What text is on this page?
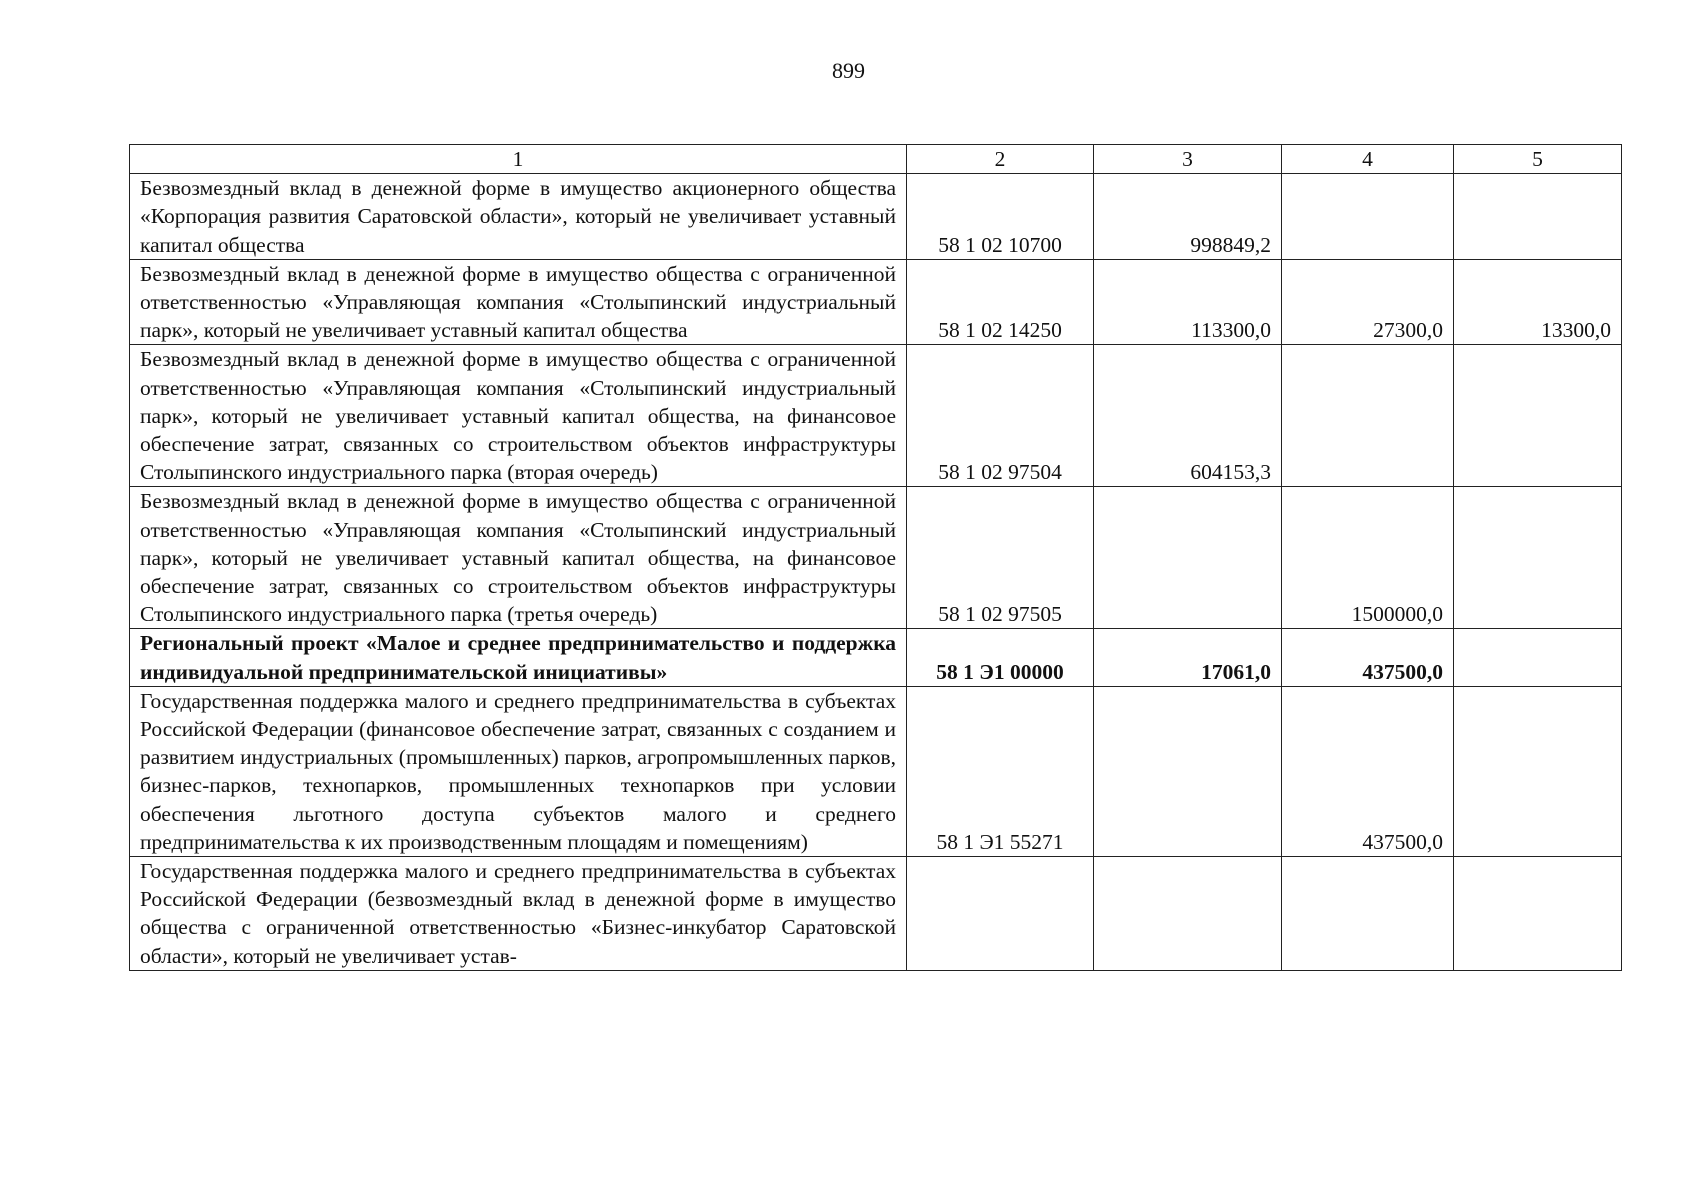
899
1	2	3	4	5
Безвозмездный вклад в денежной форме в имущество акционерного общества «Корпорация развития Саратовской области», который не увеличивает уставный капитал общества	58 1 02 10700	998849,2		
Безвозмездный вклад в денежной форме в имущество общества с ограниченной ответственностью «Управляющая компания «Столыпинский индустриальный парк», который не увеличивает уставный капитал общества	58 1 02 14250	113300,0	27300,0	13300,0
Безвозмездный вклад в денежной форме в имущество общества с ограниченной ответственностью «Управляющая компания «Столыпинский индустриальный парк», который не увеличивает уставный капитал общества, на финансовое обеспечение затрат, связанных со строительством объектов инфраструктуры Столыпинского индустриального парка (вторая очередь)	58 1 02 97504	604153,3		
Безвозмездный вклад в денежной форме в имущество общества с ограниченной ответственностью «Управляющая компания «Столыпинский индустриальный парк», который не увеличивает уставный капитал общества, на финансовое обеспечение затрат, связанных со строительством объектов инфраструктуры Столыпинского индустриального парка (третья очередь)	58 1 02 97505		1500000,0	
Региональный проект «Малое и среднее предпринимательство и поддержка индивидуальной предпринимательской инициативы»	58 1 Э1 00000	17061,0	437500,0	
Государственная поддержка малого и среднего предпринимательства в субъектах Российской Федерации (финансовое обеспечение затрат, связанных с созданием и развитием индустриальных (промышленных) парков, агропромышленных парков, бизнес-парков, технопарков, промышленных технопарков при условии обеспечения льготного доступа субъектов малого и среднего предпринимательства к их производственным площадям и помещениям)	58 1 Э1 55271		437500,0	
Государственная поддержка малого и среднего предпринимательства в субъектах Российской Федерации (безвозмездный вклад в денежной форме в имущество общества с ограниченной ответственностью «Бизнес-инкубатор Саратовской области», который не увеличивает устав-				
